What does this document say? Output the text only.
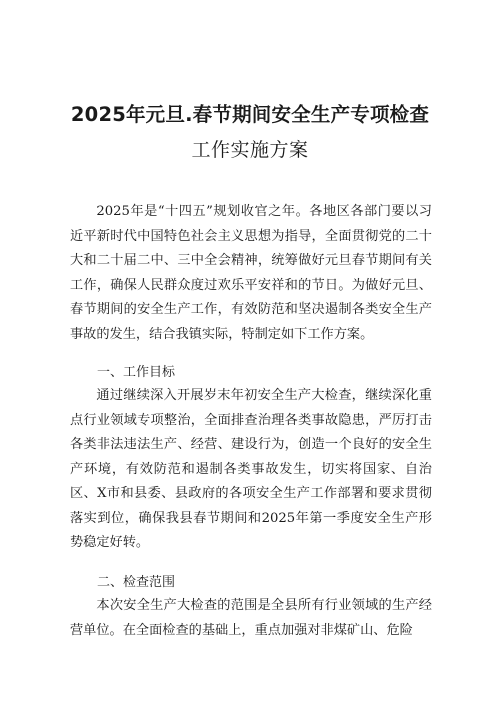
2025年元旦.春节期间安全生产专项检查
工作实施方案

2025年是“十四五”规划收官之年。各地区各部门要以习近平新时代中国特色社会主义思想为指导，全面贯彻党的二十大和二十届二中、三中全会精神，统筹做好元旦春节期间有关工作，确保人民群众度过欢乐平安祥和的节日。为做好元旦、春节期间的安全生产工作，有效防范和坚决遏制各类安全生产事故的发生，结合我镇实际，特制定如下工作方案。

一、工作目标

通过继续深入开展岁末年初安全生产大检查，继续深化重点行业领域专项整治，全面排查治理各类事故隐患，严厉打击各类非法违法生产、经营、建设行为，创造一个良好的安全生产环境，有效防范和遏制各类事故发生，切实将国家、自治区、X市和县委、县政府的各项安全生产工作部署和要求贯彻落实到位，确保我县春节期间和2025年第一季度安全生产形势稳定好转。

二、检查范围

本次安全生产大检查的范围是全县所有行业领域的生产经营单位。在全面检查的基础上，重点加强对非煤矿山、危险
